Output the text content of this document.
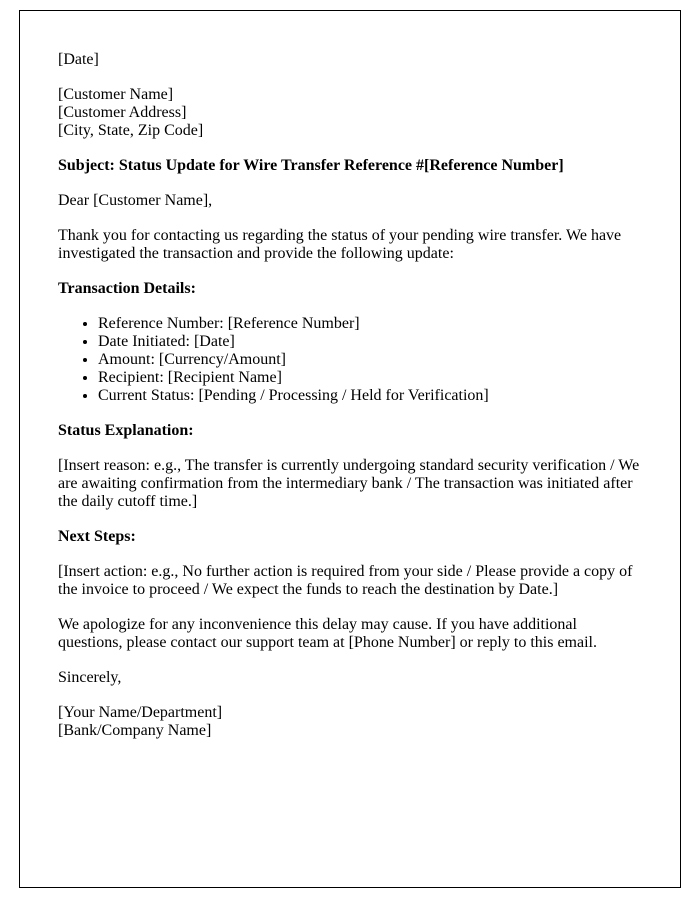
[Date]

[Customer Name]
[Customer Address]
[City, State, Zip Code]

Subject: Status Update for Wire Transfer Reference #[Reference Number]

Dear [Customer Name],

Thank you for contacting us regarding the status of your pending wire transfer. We have investigated the transaction and provide the following update:

Transaction Details:

• Reference Number: [Reference Number]
• Date Initiated: [Date]
• Amount: [Currency/Amount]
• Recipient: [Recipient Name]
• Current Status: [Pending / Processing / Held for Verification]

Status Explanation:

[Insert reason: e.g., The transfer is currently undergoing standard security verification / We are awaiting confirmation from the intermediary bank / The transaction was initiated after the daily cutoff time.]

Next Steps:

[Insert action: e.g., No further action is required from your side / Please provide a copy of the invoice to proceed / We expect the funds to reach the destination by Date.]

We apologize for any inconvenience this delay may cause. If you have additional questions, please contact our support team at [Phone Number] or reply to this email.

Sincerely,

[Your Name/Department]
[Bank/Company Name]
